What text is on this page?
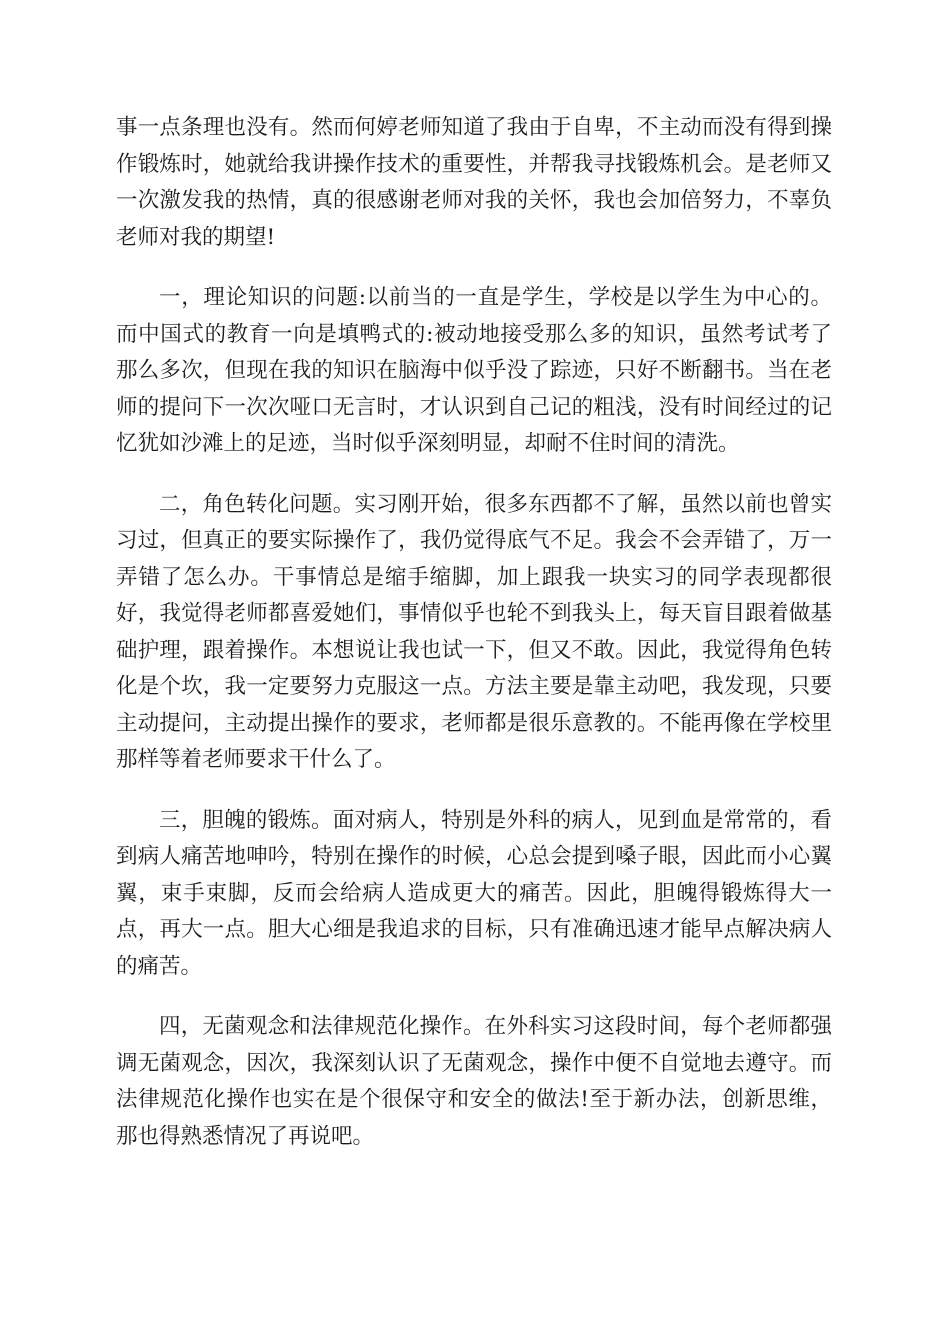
事一点条理也没有。然而何婷老师知道了我由于自卑，不主动而没有得到操作锻炼时，她就给我讲操作技术的重要性，并帮我寻找锻炼机会。是老师又一次激发我的热情，真的很感谢老师对我的关怀，我也会加倍努力，不辜负老师对我的期望!

一，理论知识的问题:以前当的一直是学生，学校是以学生为中心的。而中国式的教育一向是填鸭式的:被动地接受那么多的知识，虽然考试考了那么多次，但现在我的知识在脑海中似乎没了踪迹，只好不断翻书。当在老师的提问下一次次哑口无言时，才认识到自己记的粗浅，没有时间经过的记忆犹如沙滩上的足迹，当时似乎深刻明显，却耐不住时间的清洗。

二，角色转化问题。实习刚开始，很多东西都不了解，虽然以前也曾实习过，但真正的要实际操作了，我仍觉得底气不足。我会不会弄错了，万一弄错了怎么办。干事情总是缩手缩脚，加上跟我一块实习的同学表现都很好，我觉得老师都喜爱她们，事情似乎也轮不到我头上，每天盲目跟着做基础护理，跟着操作。本想说让我也试一下，但又不敢。因此，我觉得角色转化是个坎，我一定要努力克服这一点。方法主要是靠主动吧，我发现，只要主动提问，主动提出操作的要求，老师都是很乐意教的。不能再像在学校里那样等着老师要求干什么了。

三，胆魄的锻炼。面对病人，特别是外科的病人，见到血是常常的，看到病人痛苦地呻吟，特别在操作的时候，心总会提到嗓子眼，因此而小心翼翼，束手束脚，反而会给病人造成更大的痛苦。因此，胆魄得锻炼得大一点，再大一点。胆大心细是我追求的目标，只有准确迅速才能早点解决病人的痛苦。

四，无菌观念和法律规范化操作。在外科实习这段时间，每个老师都强调无菌观念，因次，我深刻认识了无菌观念，操作中便不自觉地去遵守。而法律规范化操作也实在是个很保守和安全的做法!至于新办法，创新思维，那也得熟悉情况了再说吧。
